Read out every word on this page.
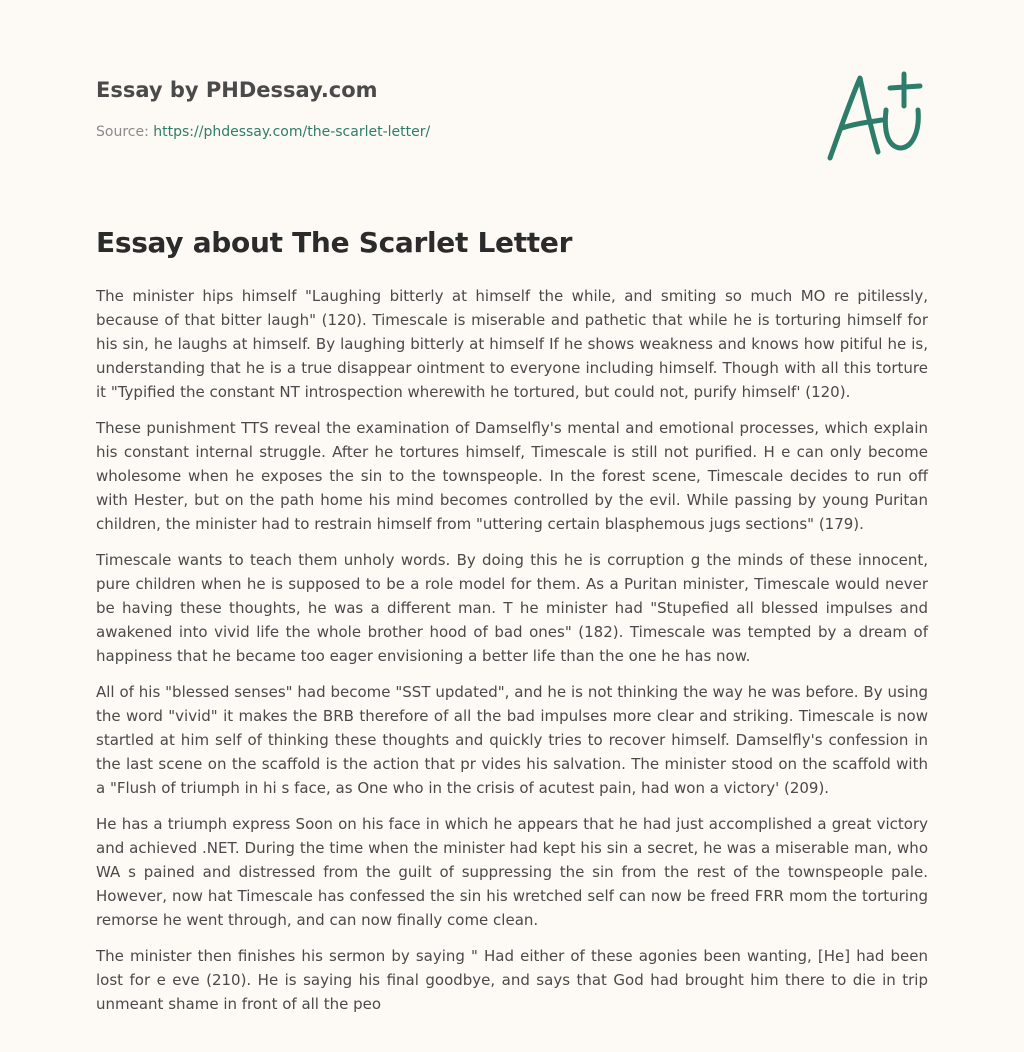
Essay by PHDessay.com
Source: https://phdessay.com/the-scarlet-letter/
Essay about The Scarlet Letter

The minister hips himself "Laughing bitterly at himself the while, and smiting so much MO re pitilessly, because of that bitter laugh" (120). Timescale is miserable and pathetic that while he is torturing himself for his sin, he laughs at himself. By laughing bitterly at himself If he shows weakness and knows how pitiful he is, understanding that he is a true disappear ointment to everyone including himself. Though with all this torture it "Typified the constant NT introspection wherewith he tortured, but could not, purify himself' (120).

These punishment TTS reveal the examination of Damselfly's mental and emotional processes, which explain his constant internal struggle. After he tortures himself, Timescale is still not purified. H e can only become wholesome when he exposes the sin to the townspeople. In the forest scene, Timescale decides to run off with Hester, but on the path home his mind becomes controlled by the evil. While passing by young Puritan children, the minister had to restrain himself from "uttering certain blasphemous jugs sections" (179).

Timescale wants to teach them unholy words. By doing this he is corruption g the minds of these innocent, pure children when he is supposed to be a role model for them. As a Puritan minister, Timescale would never be having these thoughts, he was a different man. T he minister had "Stupefied all blessed impulses and awakened into vivid life the whole brother hood of bad ones" (182). Timescale was tempted by a dream of happiness that he became too eager envisioning a better life than the one he has now.

All of his "blessed senses" had become "SST updated", and he is not thinking the way he was before. By using the word "vivid" it makes the BRB therefore of all the bad impulses more clear and striking. Timescale is now startled at him self of thinking these thoughts and quickly tries to recover himself. Damselfly's confession in the last scene on the scaffold is the action that pr vides his salvation. The minister stood on the scaffold with a "Flush of triumph in hi s face, as One who in the crisis of acutest pain, had won a victory' (209).

He has a triumph express Soon on his face in which he appears that he had just accomplished a great victory and achieved .NET. During the time when the minister had kept his sin a secret, he was a miserable man, who WA s pained and distressed from the guilt of suppressing the sin from the rest of the townspeople pale. However, now hat Timescale has confessed the sin his wretched self can now be freed FRR mom the torturing remorse he went through, and can now finally come clean.

The minister then finishes his sermon by saying " Had either of these agonies been wanting, [He] had been lost for e eve (210). He is saying his final goodbye, and says that God had brought him there to die in trip unmeant shame in front of all the peo
